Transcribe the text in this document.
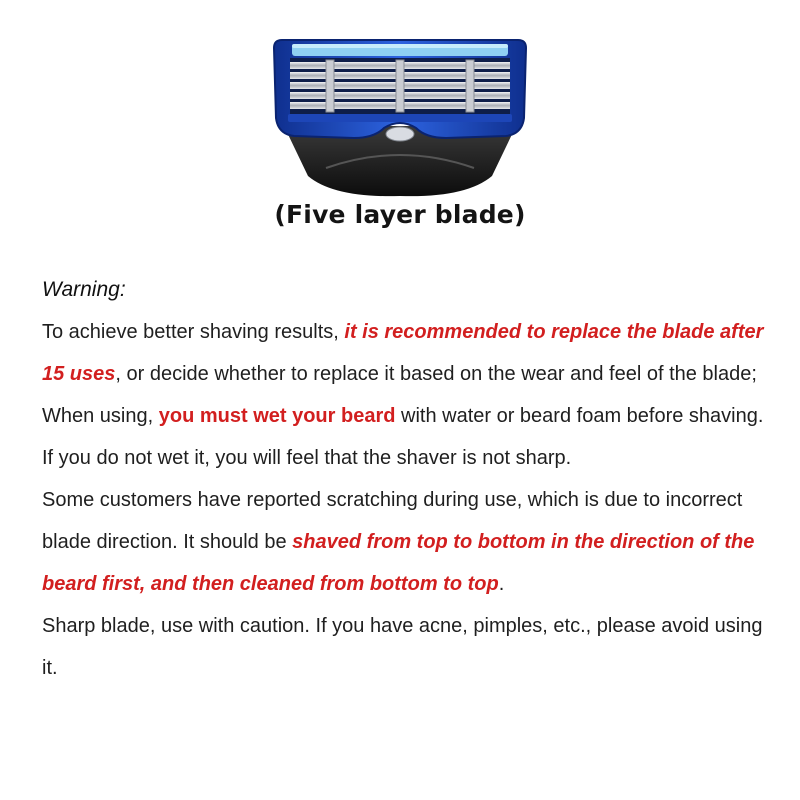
(Five layer blade)
Warning:

To achieve better shaving results, it is recommended to replace the blade after 15 uses, or decide whether to replace it based on the wear and feel of the blade;

When using, you must wet your beard with water or beard foam before shaving. If you do not wet it, you will feel that the shaver is not sharp.

Some customers have reported scratching during use, which is due to incorrect blade direction. It should be shaved from top to bottom in the direction of the beard first, and then cleaned from bottom to top.

Sharp blade, use with caution. If you have acne, pimples, etc., please avoid using it.
